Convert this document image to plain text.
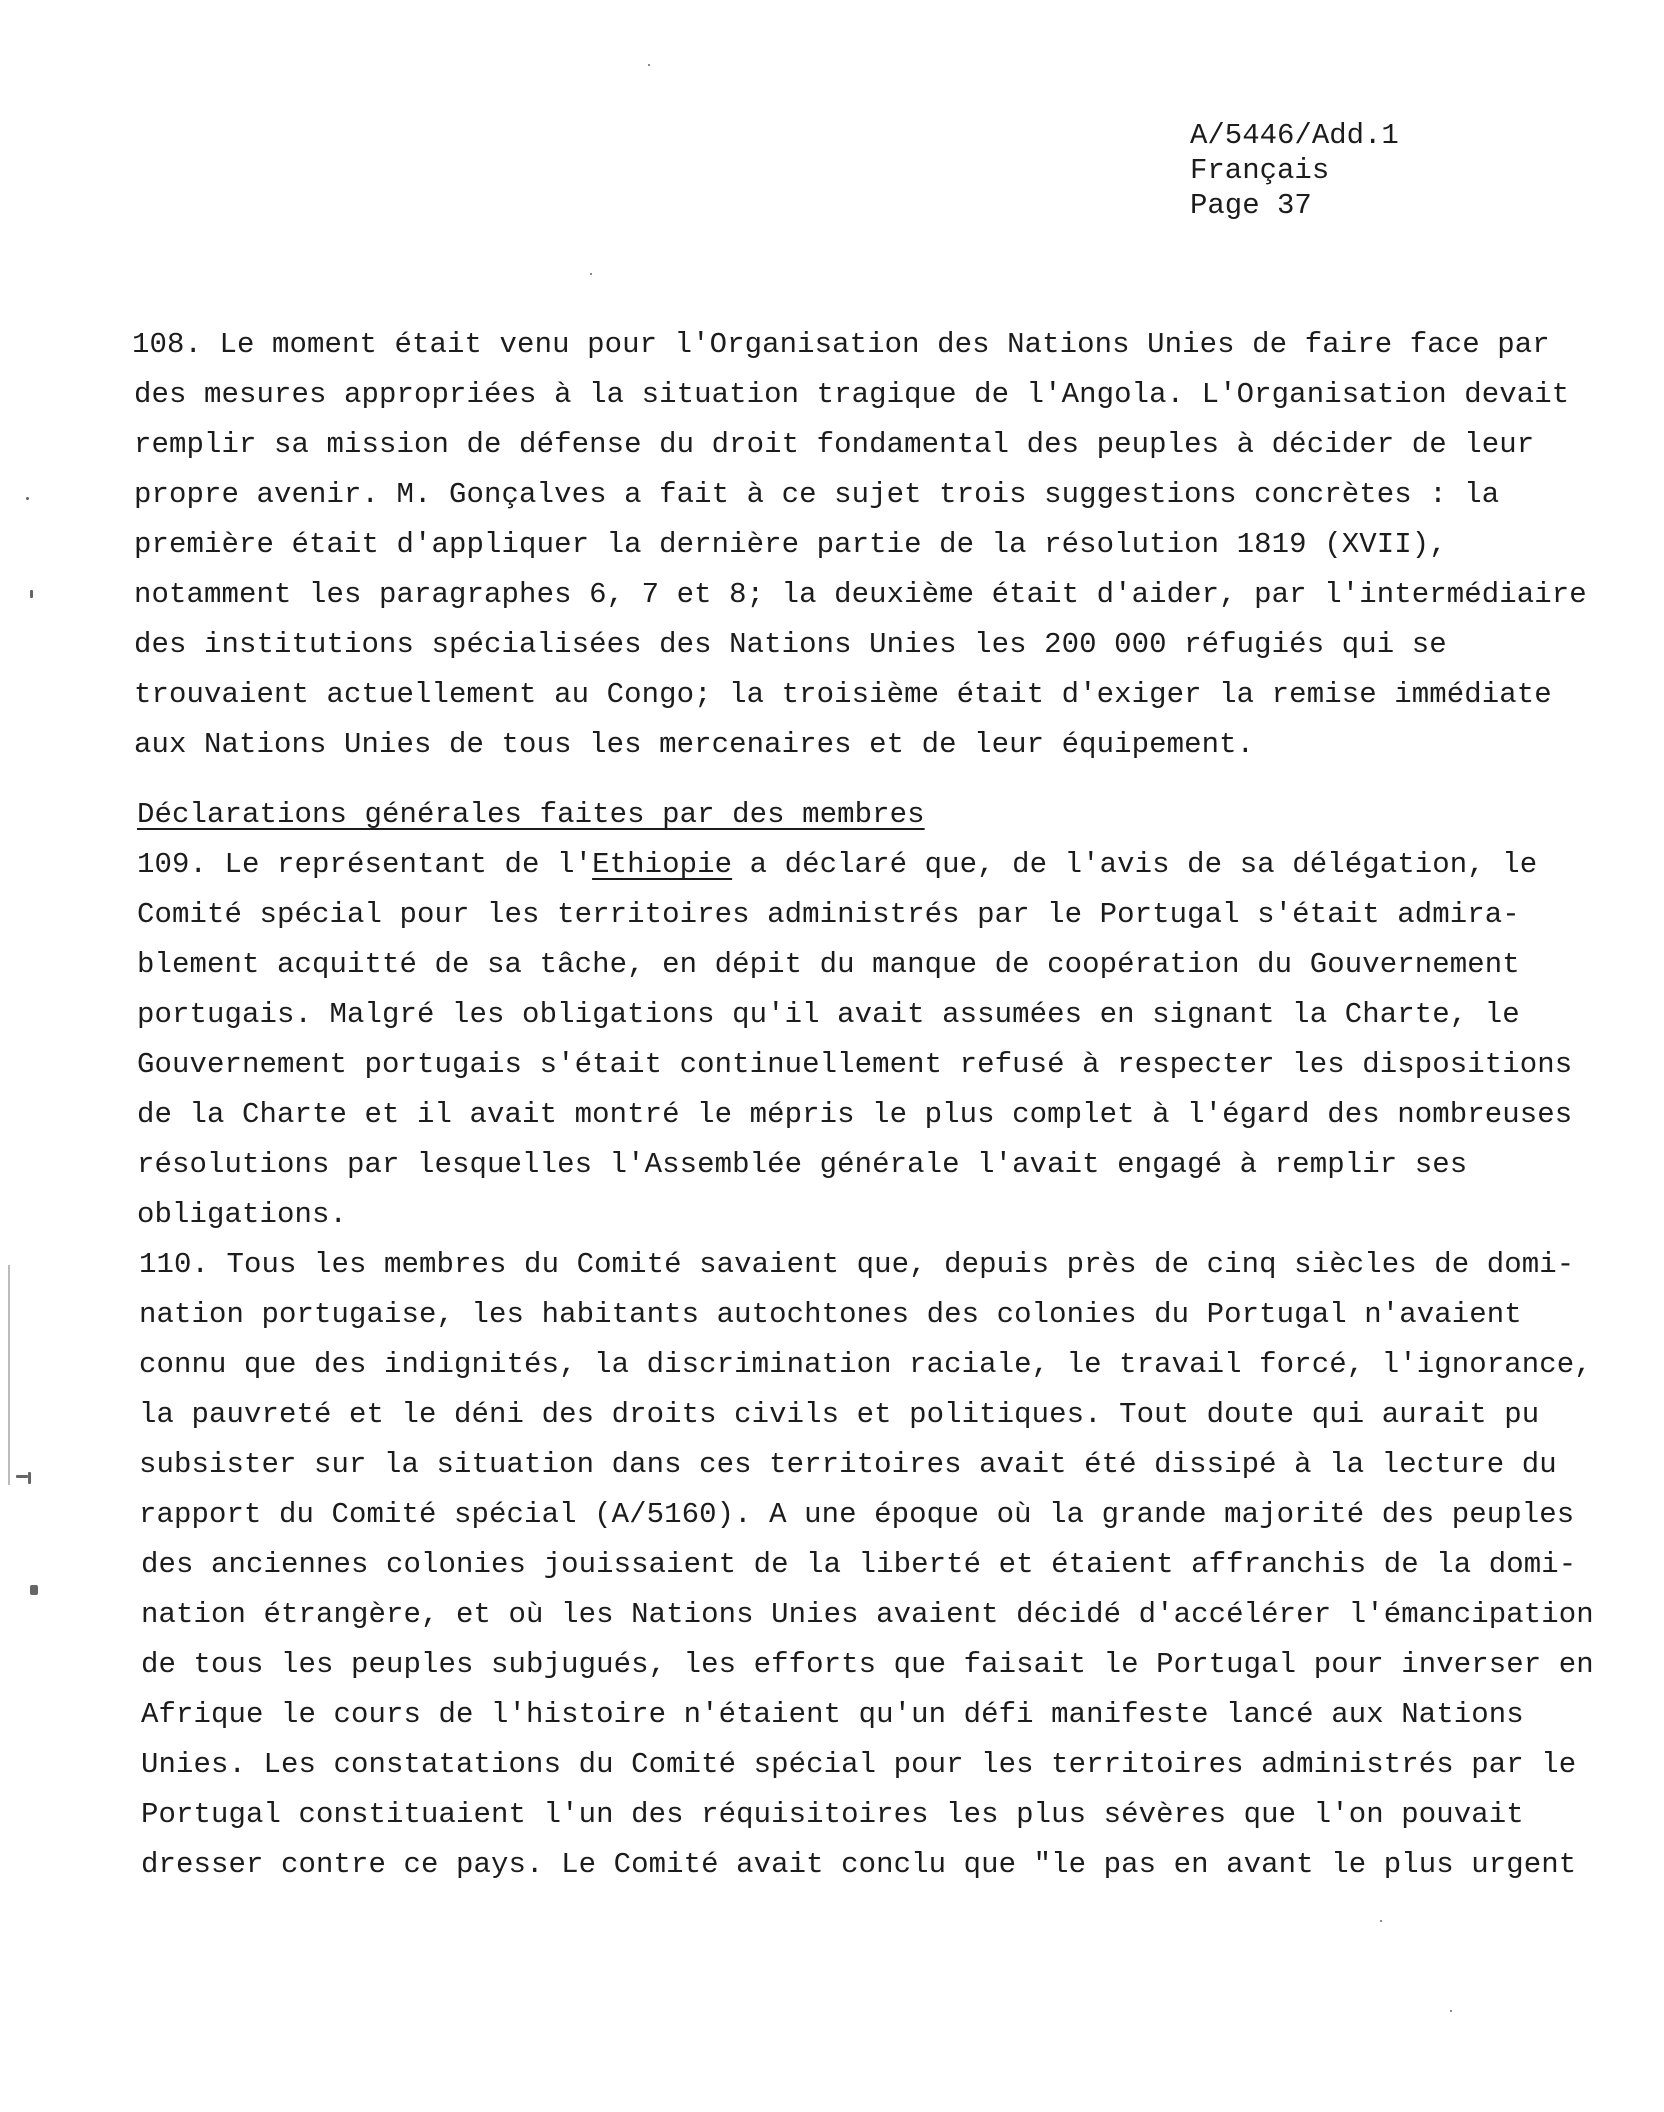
A/5446/Add.1
Français
Page 37
108. Le moment était venu pour l'Organisation des Nations Unies de faire face par
des mesures appropriées à la situation tragique de l'Angola. L'Organisation devait
remplir sa mission de défense du droit fondamental des peuples à décider de leur
propre avenir. M. Gonçalves a fait à ce sujet trois suggestions concrètes : la
première était d'appliquer la dernière partie de la résolution 1819 (XVII),
notamment les paragraphes 6, 7 et 8; la deuxième était d'aider, par l'intermédiaire
des institutions spécialisées des Nations Unies les 200 000 réfugiés qui se
trouvaient actuellement au Congo; la troisième était d'exiger la remise immédiate
aux Nations Unies de tous les mercenaires et de leur équipement.
Déclarations générales faites par des membres
109. Le représentant de l'Ethiopie a déclaré que, de l'avis de sa délégation, le
Comité spécial pour les territoires administrés par le Portugal s'était admira-
blement acquitté de sa tâche, en dépit du manque de coopération du Gouvernement
portugais. Malgré les obligations qu'il avait assumées en signant la Charte, le
Gouvernement portugais s'était continuellement refusé à respecter les dispositions
de la Charte et il avait montré le mépris le plus complet à l'égard des nombreuses
résolutions par lesquelles l'Assemblée générale l'avait engagé à remplir ses
obligations.
110. Tous les membres du Comité savaient que, depuis près de cinq siècles de domi-
nation portugaise, les habitants autochtones des colonies du Portugal n'avaient
connu que des indignités, la discrimination raciale, le travail forcé, l'ignorance,
la pauvreté et le déni des droits civils et politiques. Tout doute qui aurait pu
subsister sur la situation dans ces territoires avait été dissipé à la lecture du
rapport du Comité spécial (A/5160). A une époque où la grande majorité des peuples
des anciennes colonies jouissaient de la liberté et étaient affranchis de la domi-
nation étrangère, et où les Nations Unies avaient décidé d'accélérer l'émancipation
de tous les peuples subjugués, les efforts que faisait le Portugal pour inverser en
Afrique le cours de l'histoire n'étaient qu'un défi manifeste lancé aux Nations
Unies. Les constatations du Comité spécial pour les territoires administrés par le
Portugal constituaient l'un des réquisitoires les plus sévères que l'on pouvait
dresser contre ce pays. Le Comité avait conclu que "le pas en avant le plus urgent
